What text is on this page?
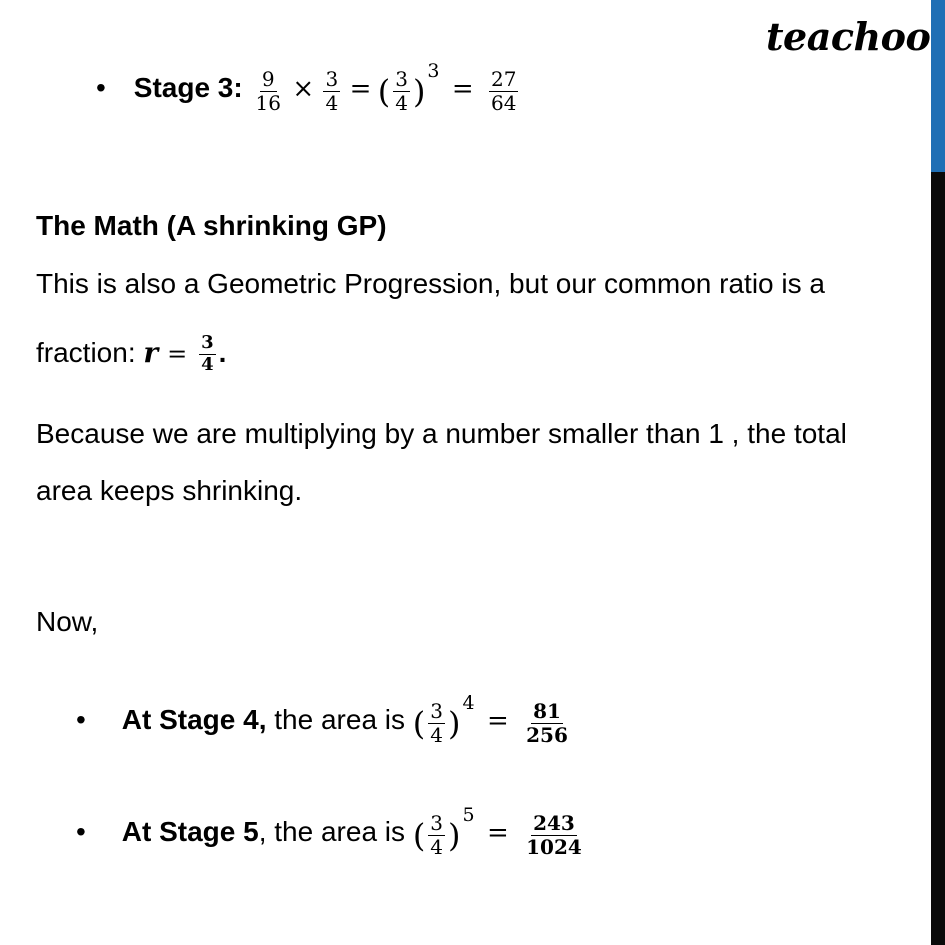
teachoo
• Stage 3: $\frac{9}{16} \times \frac{3}{4}$ = ( $\frac{3}{4} )3 = \frac{27}{64}$
The Math (A shrinking GP)
This is also a Geometric Progression, but our common ratio is a
fraction: $r = \frac{3}{4}$ .
Because we are multiplying by a number smaller than 1 , the total
area keeps shrinking.
Now,
• At Stage 4, the area is ( $\frac{3}{4} )4 = \frac{81}{256}$
• At Stage 5, the area is ( $\frac{3}{4} )5 = \frac{243}{1024}$
